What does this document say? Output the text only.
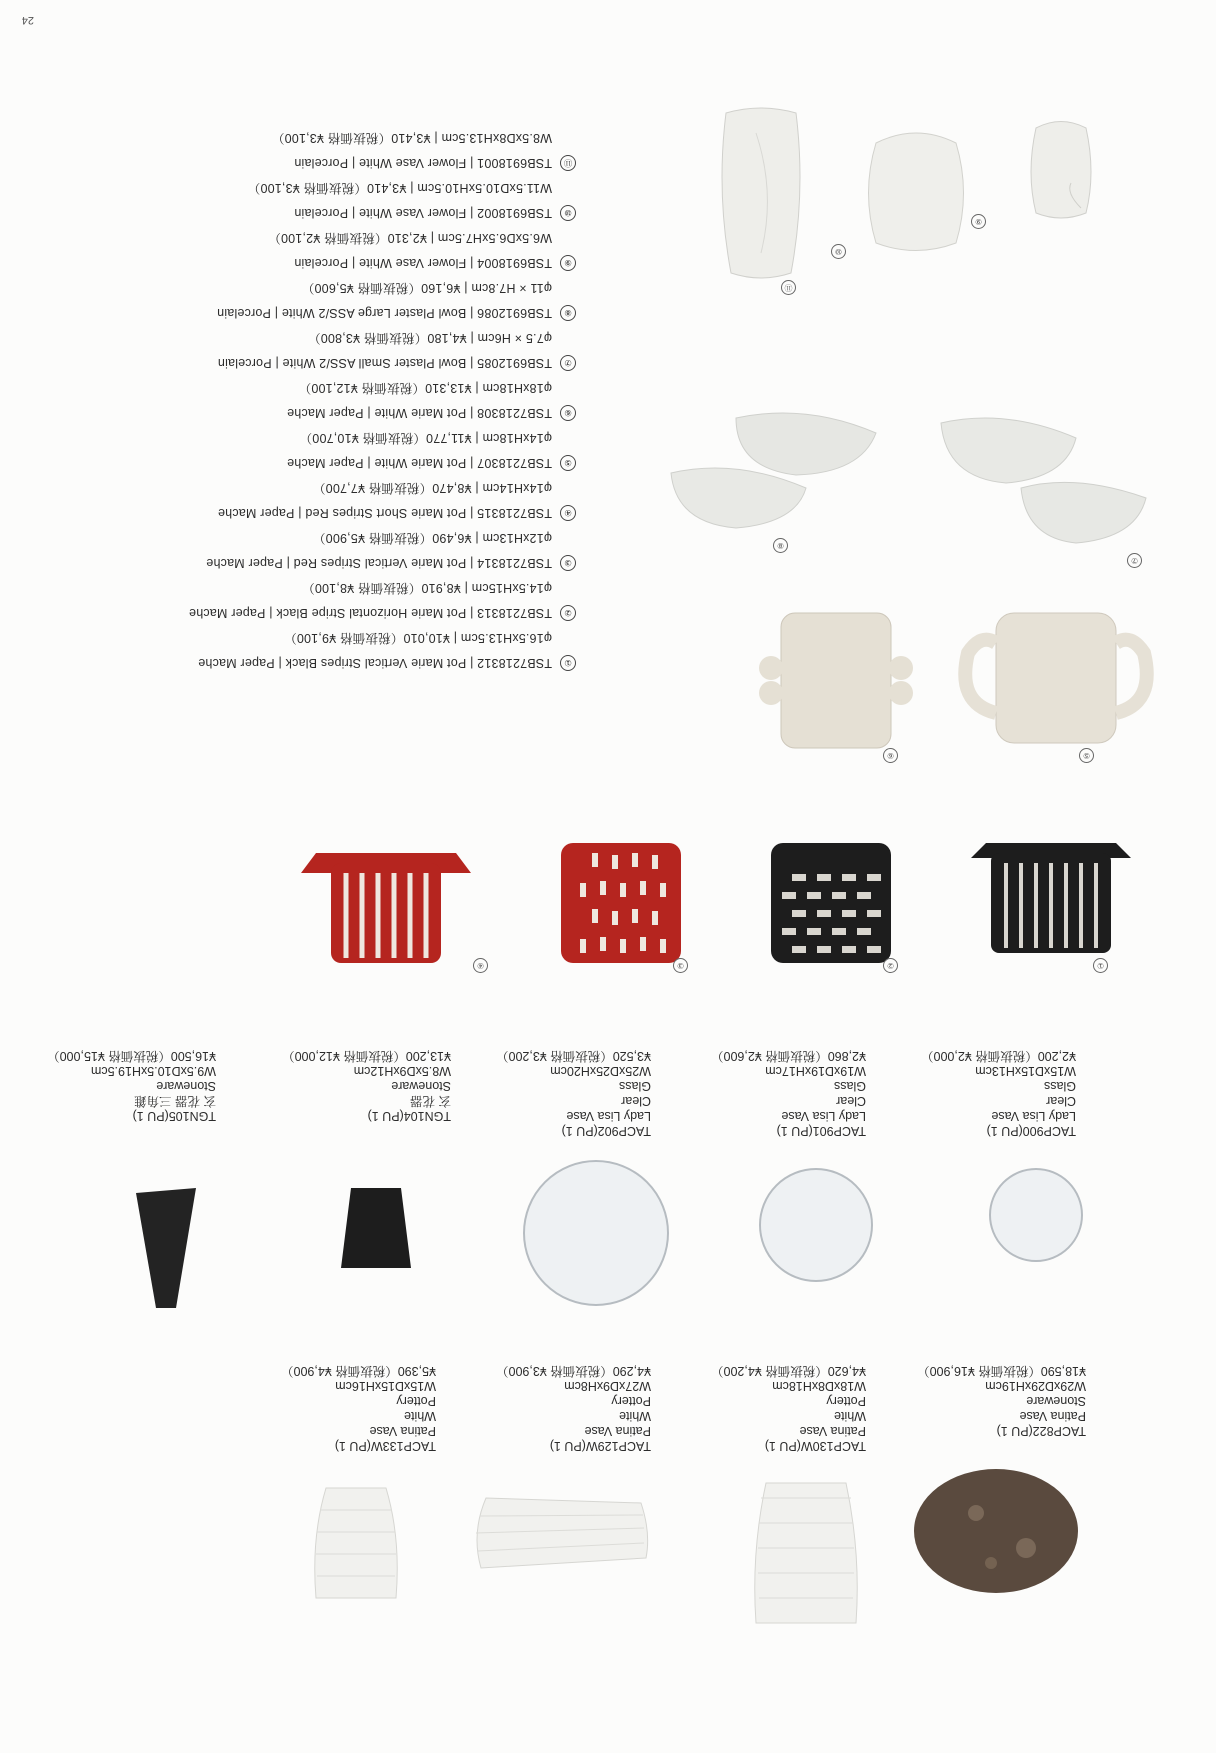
24
⑨
⑩
⑪
⑦
⑧
⑤
⑥
①
②
③
④
TACP900(PU 1)
Lady Lisa Vase
Clear
Glass
W15xD15xH13cm
¥2,200（税抜価格 ¥2,000）
TACP901(PU 1)
Lady Lisa Vase
Clear
Glass
W19xD19xH17cm
¥2,860（税抜価格 ¥2,600）
TACP902(PU 1)
Lady Lisa Vase
Clear
Glass
W25xD25xH20cm
¥3,520（税抜価格 ¥3,200）
TGN104(PU 1)
玄 花器
Stoneware
W8.5xD9xH12cm
¥13,200（税抜価格 ¥12,000）
TGN105(PU 1)
玄 花器 三角錐
Stoneware
W9.5xD10.5xH19.5cm
¥16,500（税抜価格 ¥15,000）
TACP822(PU 1)
Patina Vase
Stoneware
W29xD29xH19cm
¥18,590（税抜価格 ¥16,900）
TACP130W(PU 1)
Patina Vase
White
Pottery
W18xD8xH18cm
¥4,620（税抜価格 ¥4,200）
TACP129W(PU 1)
Patina Vase
White
Pottery
W27xD9xH8cm
¥4,290（税抜価格 ¥3,900）
TACP133W(PU 1)
Patina Vase
White
Pottery
W15xD15xH16cm
¥5,390（税抜価格 ¥4,900）
①TSB7218312 | Pot Marie Vertical Stripes Black | Paper Mache
φ16.5xH13.5cm | ¥10,010（税抜価格 ¥9,100）
②TSB7218313 | Pot Marie Horizontal Stripe Black | Paper Mache
φ14.5xH15cm | ¥8,910（税抜価格 ¥8,100）
③TSB7218314 | Pot Marie Vertical Stripes Red | Paper Mache
φ12xH13cm | ¥6,490（税抜価格 ¥5,900）
④TSB7218315 | Pot Marie Short Stripes Red | Paper Mache
φ14xH14cm | ¥8,470（税抜価格 ¥7,700）
⑤TSB7218307 | Pot Marie White | Paper Mache
φ14xH18cm | ¥11,770（税抜価格 ¥10,700）
⑥TSB7218308 | Pot Marie White | Paper Mache
φ18xH18cm | ¥13,310（税抜価格 ¥12,100）
⑦TSB6912085 | Bowl Plaster Small ASS/2 White | Porcelain
φ7.5 × H6cm | ¥4,180（税抜価格 ¥3,800）
⑧TSB6912086 | Bowl Plaster Large ASS/2 White | Porcelain
φ11 × H7.8cm | ¥6,160（税抜価格 ¥5,600）
⑨TSB6918004 | Flower Vase White | Porcelain
W6.5xD6.5xH7.5cm | ¥2,310（税抜価格 ¥2,100）
⑩TSB6918002 | Flower Vase White | Porcelain
W11.5xD10.5xH10.5cm | ¥3,410（税抜価格 ¥3,100）
⑪TSB6918001 | Flower Vase White | Porcelain
W8.5xD8xH13.5cm | ¥3,410（税抜価格 ¥3,100）
